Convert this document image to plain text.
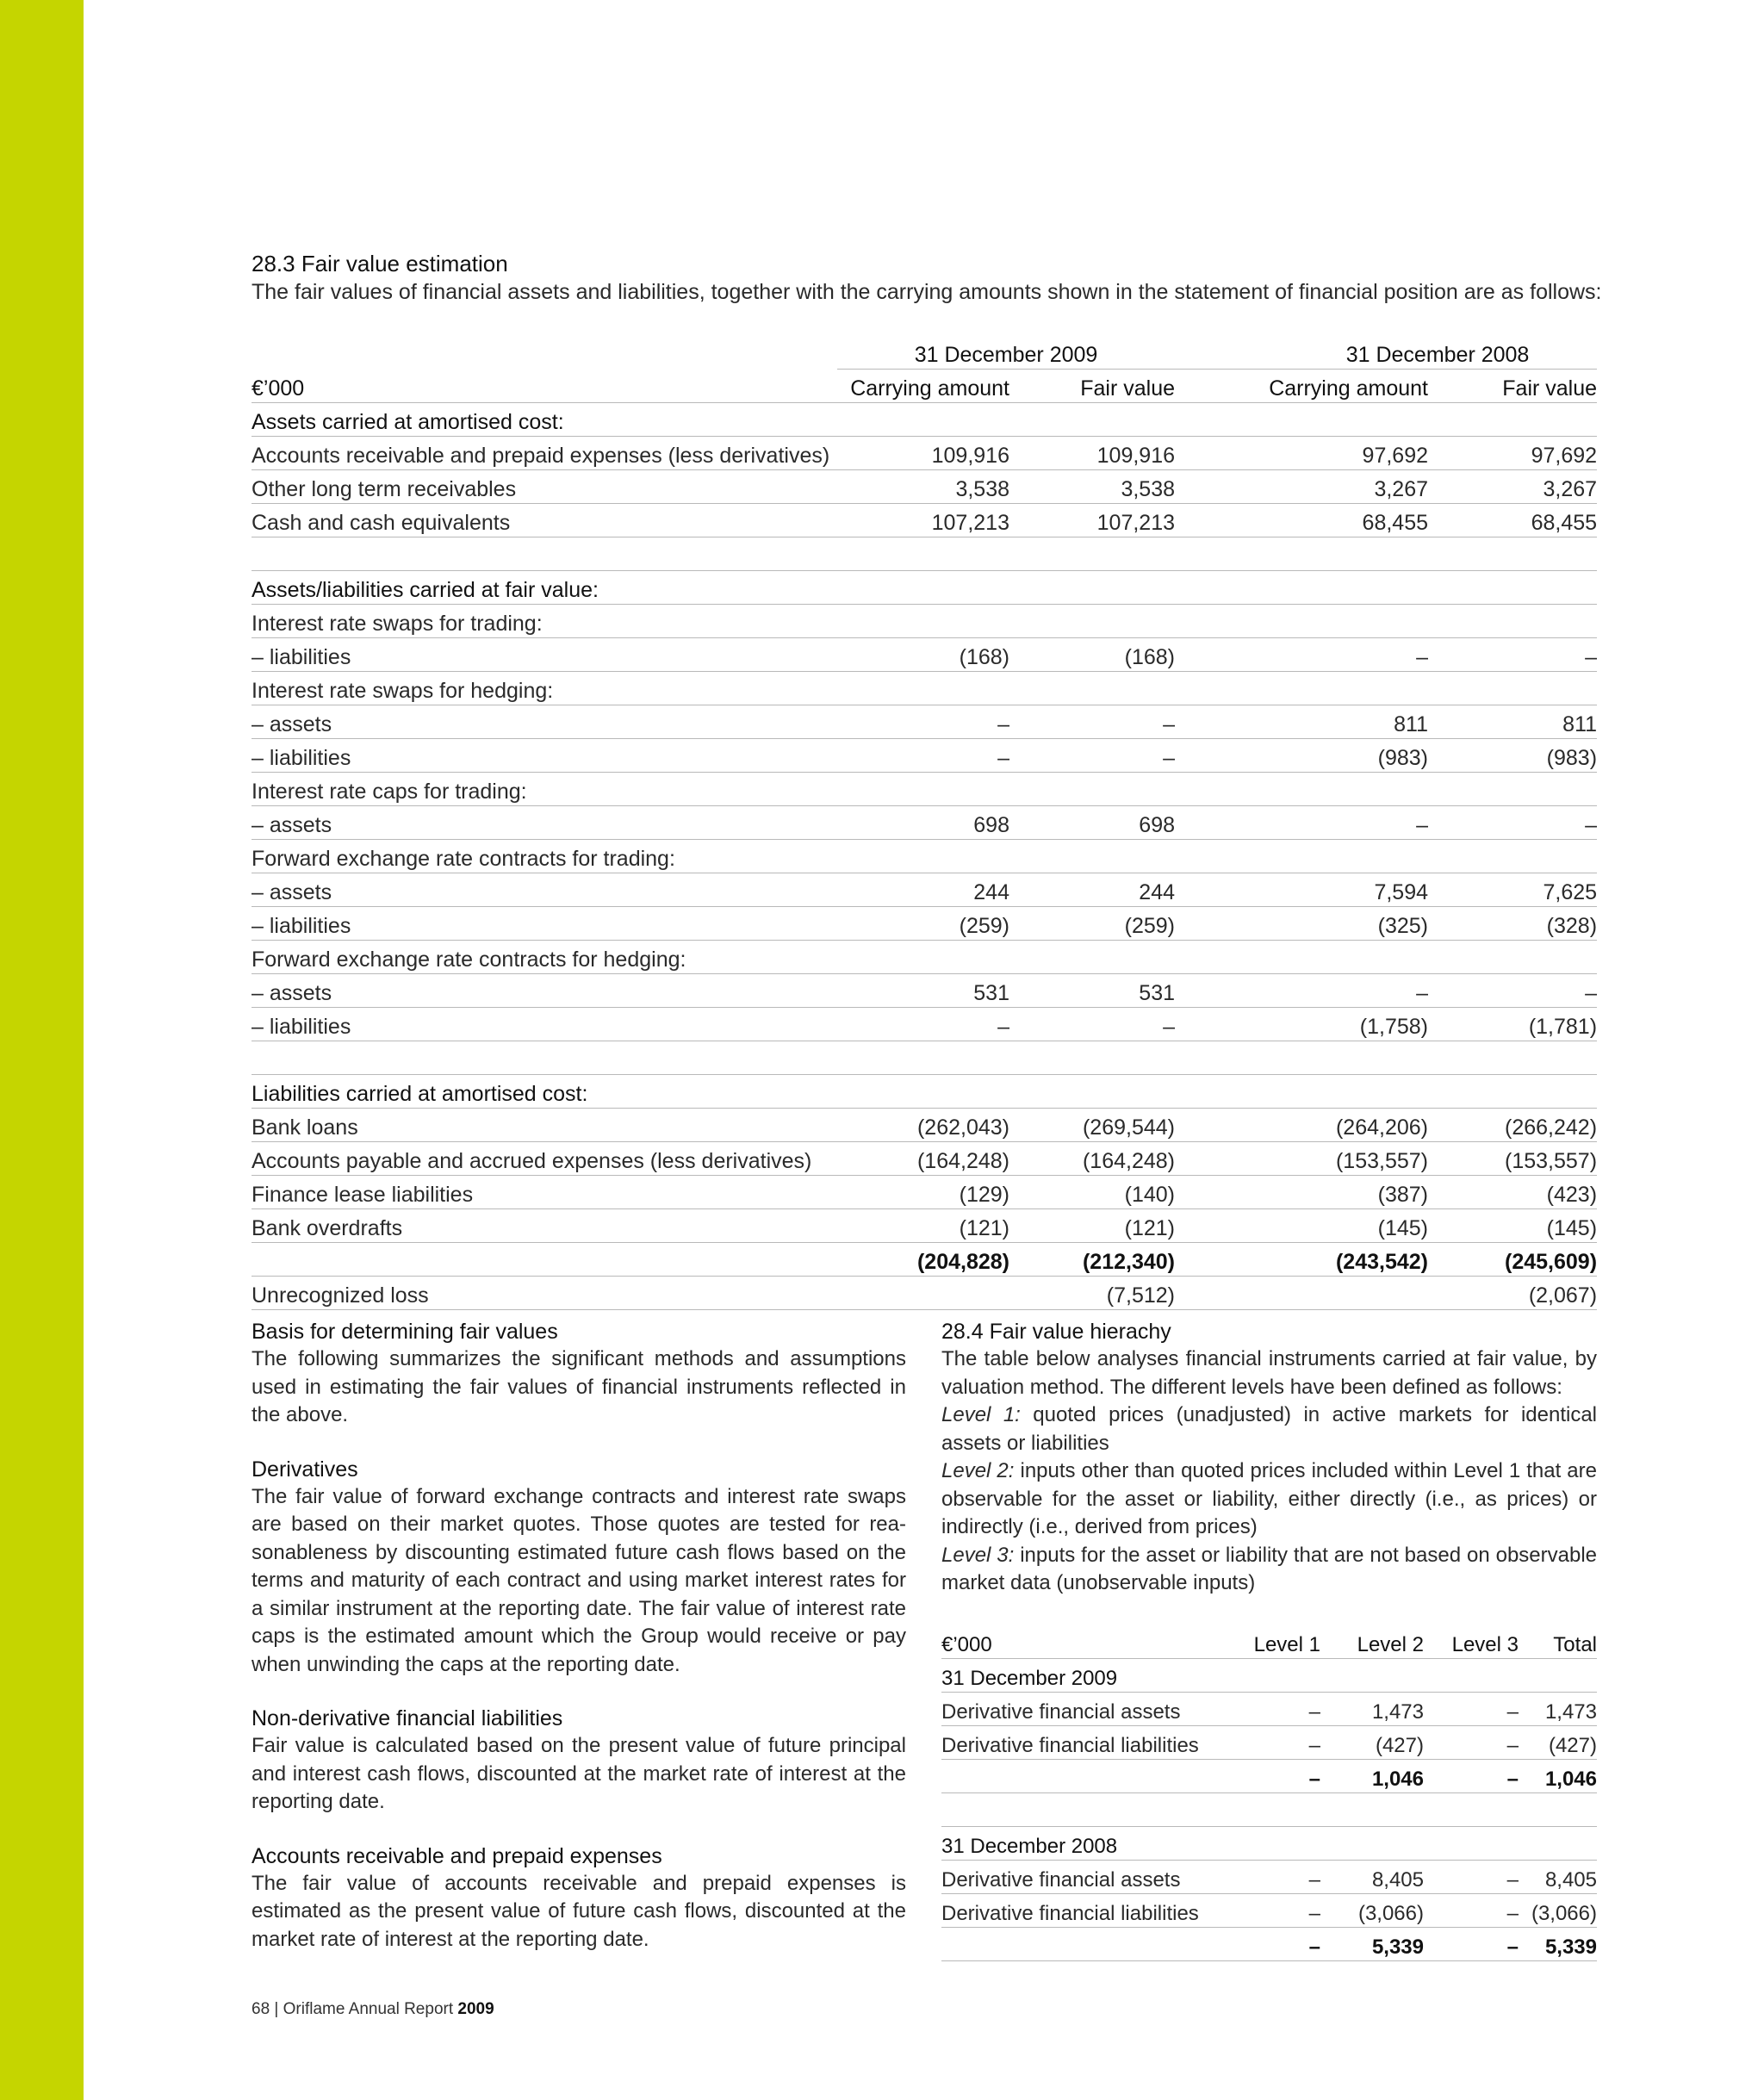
28.3 Fair value estimation
The fair values of financial assets and liabilities, together with the carrying amounts shown in the statement of financial position are as follows:
	31 December 2009		31 December 2008	
€’000	Carrying amount	Fair value	Carrying amount	Fair value
Assets carried at amortised cost:				
Accounts receivable and prepaid expenses (less derivatives)	109,916	109,916	97,692	97,692
Other long term receivables	3,538	3,538	3,267	3,267
Cash and cash equivalents	107,213	107,213	68,455	68,455

Assets/liabilities carried at fair value:				
Interest rate swaps for trading:				
– liabilities	(168)	(168)	–	–
Interest rate swaps for hedging:				
– assets	–	–	811	811
– liabilities	–	–	(983)	(983)
Interest rate caps for trading:				
– assets	698	698	–	–
Forward exchange rate contracts for trading:				
– assets	244	244	7,594	7,625
– liabilities	(259)	(259)	(325)	(328)
Forward exchange rate contracts for hedging:				
– assets	531	531	–	–
– liabilities	–	–	(1,758)	(1,781)

Liabilities carried at amortised cost:				
Bank loans	(262,043)	(269,544)	(264,206)	(266,242)
Accounts payable and accrued expenses (less derivatives)	(164,248)	(164,248)	(153,557)	(153,557)
Finance lease liabilities	(129)	(140)	(387)	(423)
Bank overdrafts	(121)	(121)	(145)	(145)
	(204,828)	(212,340)	(243,542)	(245,609)
Unrecognized loss		(7,512)		(2,067)

Basis for determining fair values

The following summarizes the significant methods and assumptions used in estimating the fair values of financial instruments reflected in the above.

Derivatives

The fair value of forward exchange contracts and interest rate swaps are based on their market quotes. Those quotes are tested for rea-sonableness by discounting estimated future cash flows based on the terms and maturity of each contract and using market interest rates for a similar instrument at the reporting date. The fair value of interest rate caps is the estimated amount which the Group would receive or pay when unwinding the caps at the reporting date.

Non-derivative financial liabilities

Fair value is calculated based on the present value of future principal and interest cash flows, discounted at the market rate of interest at the reporting date.

Accounts receivable and prepaid expenses

The fair value of accounts receivable and prepaid expenses is estimated as the present value of future cash flows, discounted at the market rate of interest at the reporting date.

28.4 Fair value hierachy

The table below analyses financial instruments carried at fair value, by valuation method. The different levels have been defined as follows:

Level 1: quoted prices (unadjusted) in active markets for identical assets or liabilities

Level 2: inputs other than quoted prices included within Level 1 that are observable for the asset or liability, either directly (i.e., as prices) or indirectly (i.e., derived from prices)

Level 3: inputs for the asset or liability that are not based on observable market data (unobservable inputs)

€’000	Level 1	Level 2	Level 3	Total
31 December 2009				
Derivative financial assets	–	1,473	–	1,473
Derivative financial liabilities	–	(427)	–	(427)
	–	1,046	–	1,046

31 December 2008				
Derivative financial assets	–	8,405	–	8,405
Derivative financial liabilities	–	(3,066)	–	(3,066)
	–	5,339	–	5,339
68 | Oriflame Annual Report 2009
